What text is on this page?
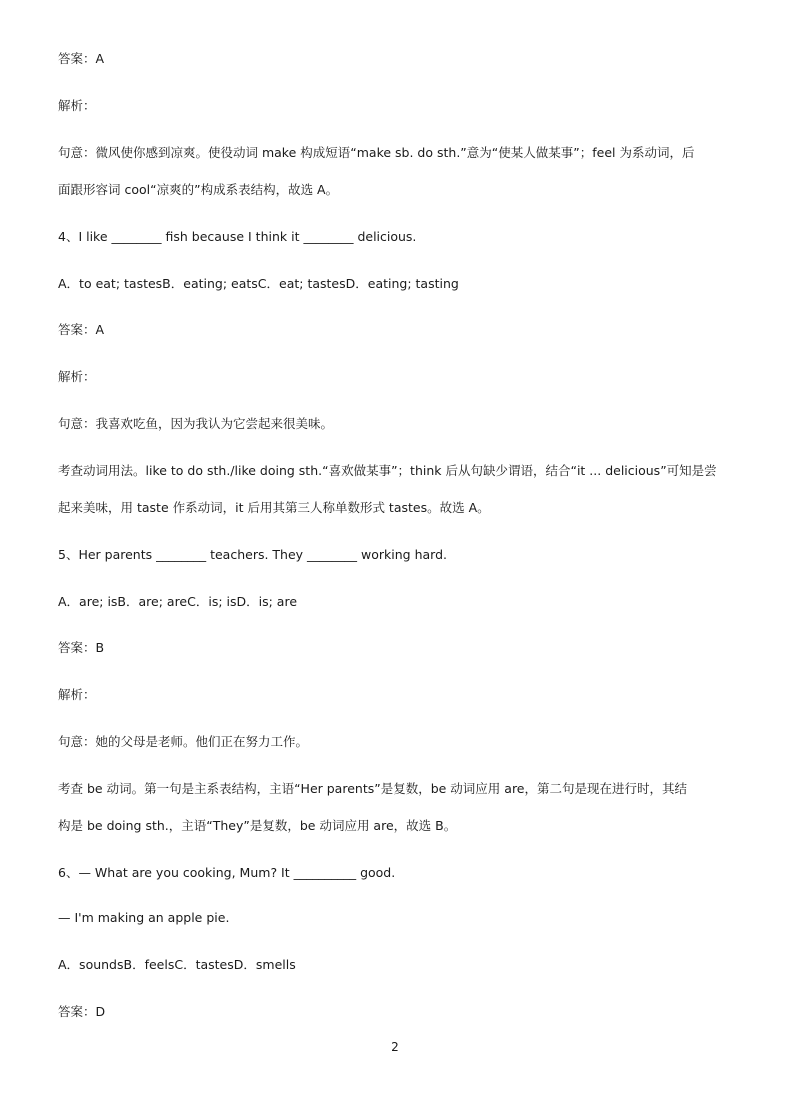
答案：A
解析：
句意：微风使你感到凉爽。使役动词 make 构成短语“make sb. do sth.”意为“使某人做某事”；feel 为系动词，后
面跟形容词 cool“凉爽的”构成系表结构，故选 A。
4、I like ________ fish because I think it ________ delicious.
A．to eat; tastesB．eating; eatsC．eat; tastesD．eating; tasting
答案：A
解析：
句意：我喜欢吃鱼，因为我认为它尝起来很美味。
考查动词用法。like to do sth./like doing sth.“喜欢做某事”；think 后从句缺少谓语，结合“it ... delicious”可知是尝
起来美味，用 taste 作系动词，it 后用其第三人称单数形式 tastes。故选 A。
5、Her parents ________ teachers. They ________ working hard.
A．are; isB．are; areC．is; isD．is; are
答案：B
解析：
句意：她的父母是老师。他们正在努力工作。
考查 be 动词。第一句是主系表结构，主语“Her parents”是复数，be 动词应用 are，第二句是现在进行时，其结
构是 be doing sth.，主语“They”是复数，be 动词应用 are，故选 B。
6、— What are you cooking, Mum? It __________ good.
— I'm making an apple pie.
A．soundsB．feelsC．tastesD．smells
答案：D
2
